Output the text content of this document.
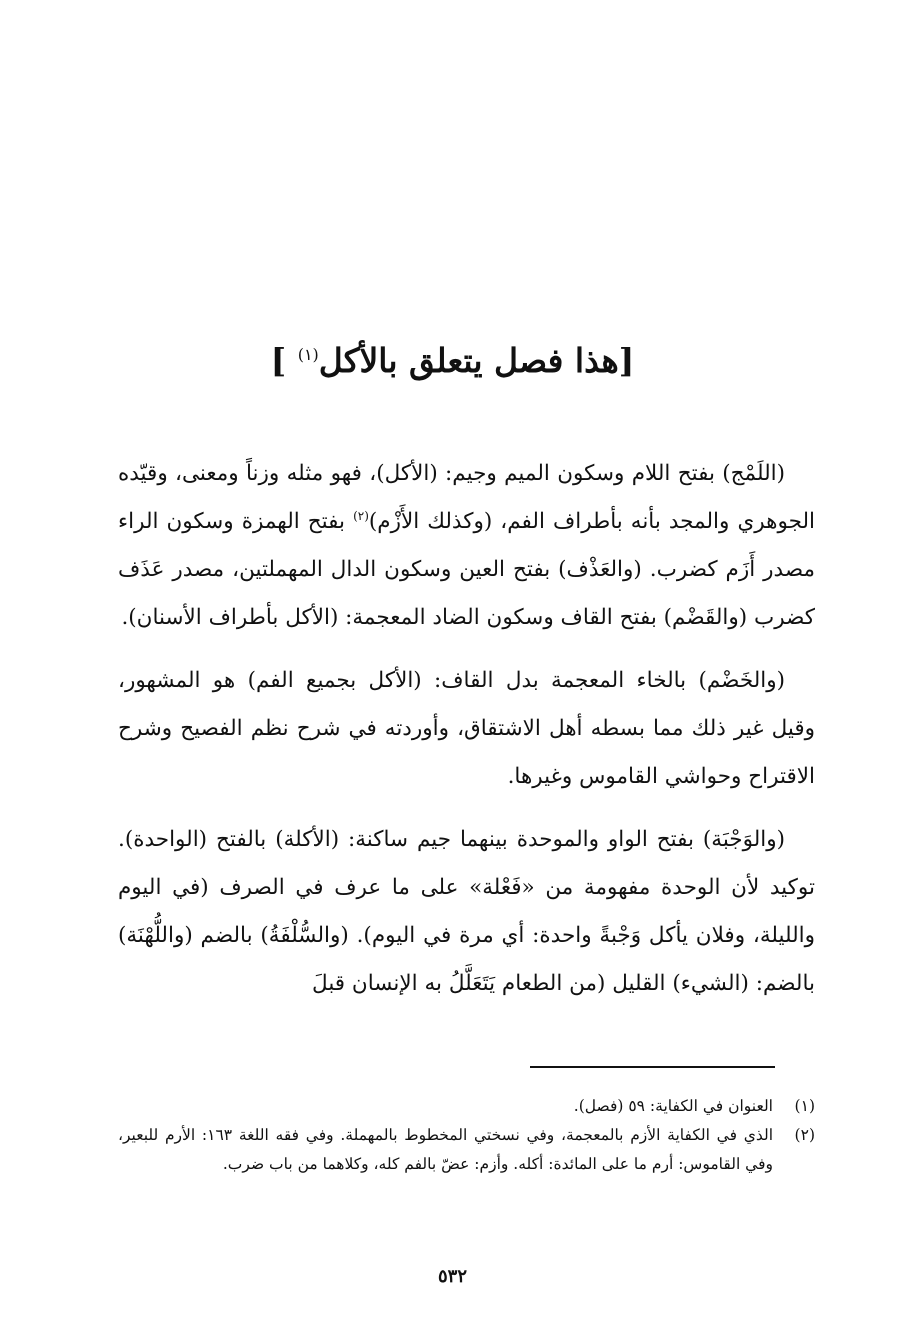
[هذا فصل يتعلق بالأكل$^{(١)}$ ]

(اللَمْج) بفتح اللام وسكون الميم وجيم: (الأكل)، فهو مثله وزناً ومعنى، وقيّده الجوهري والمجد بأنه بأطراف الفم، (وكذلك الأَزْم)$^{(٢)}$ بفتح الهمزة وسكون الراء مصدر أَزَم كضرب. (والعَذْف) بفتح العين وسكون الدال المهملتين، مصدر عَذَف كضرب (والقَضْم) بفتح القاف وسكون الضاد المعجمة: (الأكل بأطراف الأسنان).

(والخَضْم) بالخاء المعجمة بدل القاف: (الأكل بجميع الفم) هو المشهور، وقيل غير ذلك مما بسطه أهل الاشتقاق، وأوردته في شرح نظم الفصيح وشرح الاقتراح وحواشي القاموس وغيرها.

(والوَجْبَة) بفتح الواو والموحدة بينهما جيم ساكنة: (الأكلة) بالفتح (الواحدة). توكيد لأن الوحدة مفهومة من «فَعْلة» على ما عرف في الصرف (في اليوم والليلة، وفلان يأكل وَجْبةً واحدة: أي مرة في اليوم). (والسُّلْفَةُ) بالضم (واللُّهْنَة) بالضم: (الشيء) القليل (من الطعام يَتَعَلَّلُ به الإنسان قبلَ

(١)
العنوان في الكفاية: ٥٩ (فصل).
(٢)
الذي في الكفاية الأزم بالمعجمة، وفي نسختي المخطوط بالمهملة. وفي فقه اللغة ١٦٣: الأرم للبعير، وفي القاموس: أرم ما على المائدة: أكله. وأزم: عضّ بالفم كله، وكلاهما من باب ضرب.
٥٣٢
